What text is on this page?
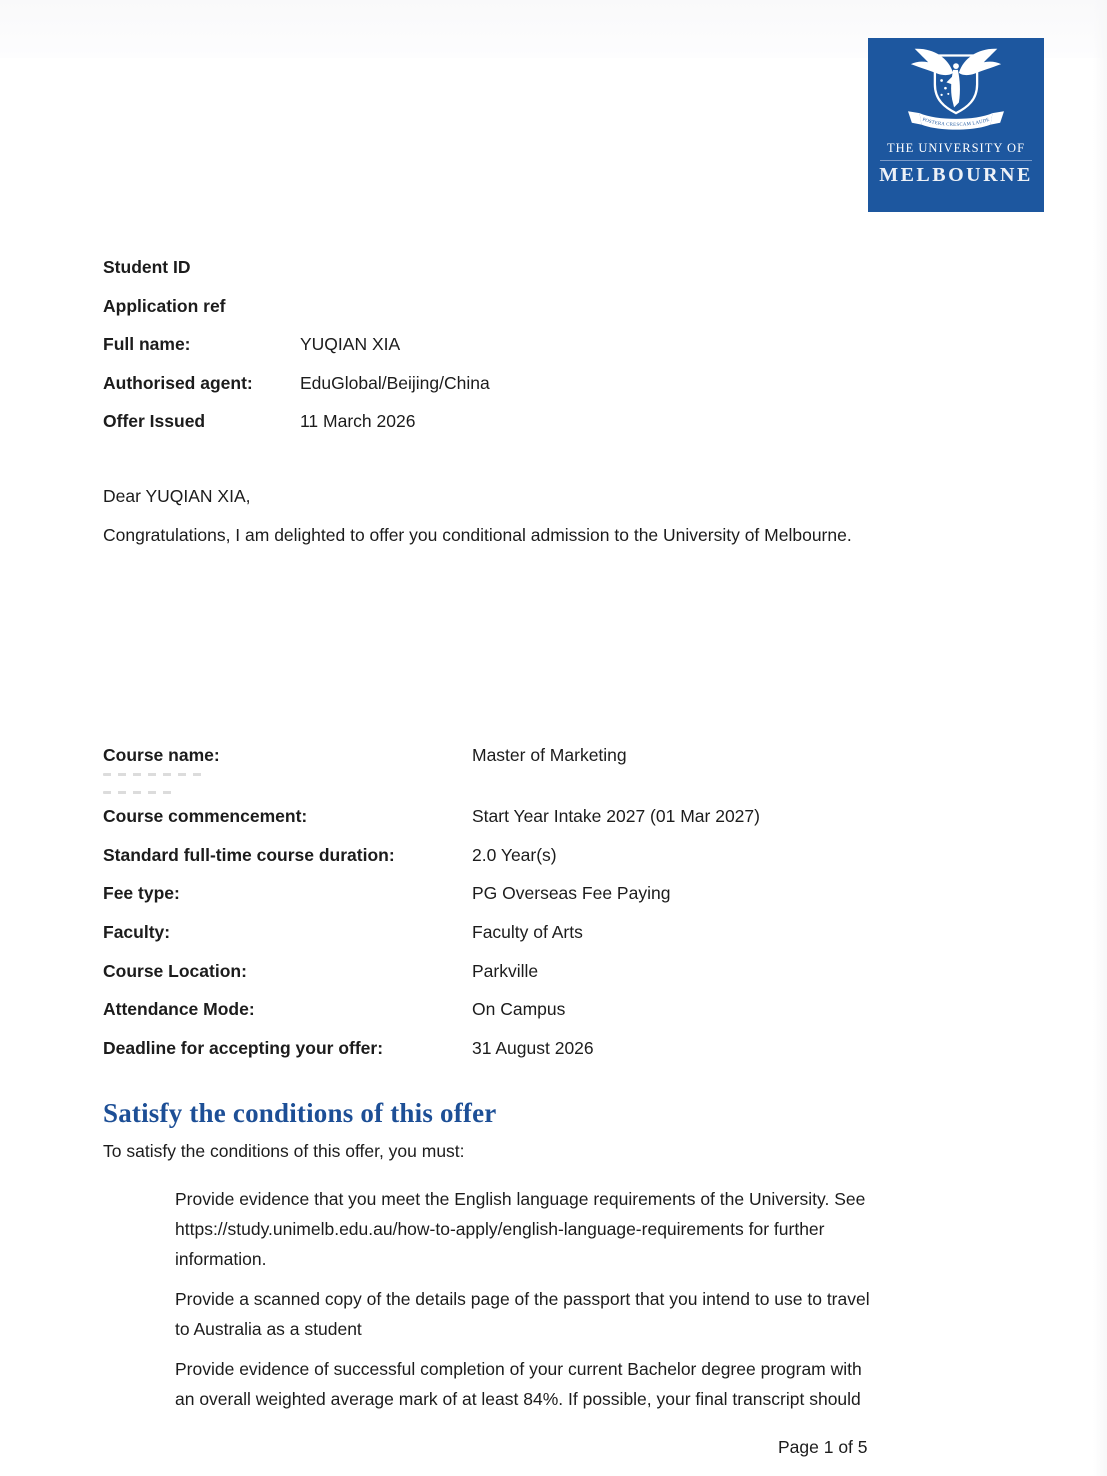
POSTERA CRESCAM LAUDE
THE UNIVERSITY OF
MELBOURNE
Student ID
Application ref
Full name:	YUQIAN XIA
Authorised agent:	EduGlobal/Beijing/China
Offer Issued	11 March 2026
Dear YUQIAN XIA,
Congratulations, I am delighted to offer you conditional admission to the University of Melbourne.
Course name:	Master of Marketing
Course commencement:	Start Year Intake 2027 (01 Mar 2027)
Standard full-time course duration:	2.0 Year(s)
Fee type:	PG Overseas Fee Paying
Faculty:	Faculty of Arts
Course Location:	Parkville
Attendance Mode:	On Campus
Deadline for accepting your offer:	31 August 2026
Satisfy the conditions of this offer
To satisfy the conditions of this offer, you must:
Provide evidence that you meet the English language requirements of the University. See
https://study.unimelb.edu.au/how-to-apply/english-language-requirements for further
information.
Provide a scanned copy of the details page of the passport that you intend to use to travel
to Australia as a student
Provide evidence of successful completion of your current Bachelor degree program with
an overall weighted average mark of at least 84%. If possible, your final transcript should
Page 1 of 5
